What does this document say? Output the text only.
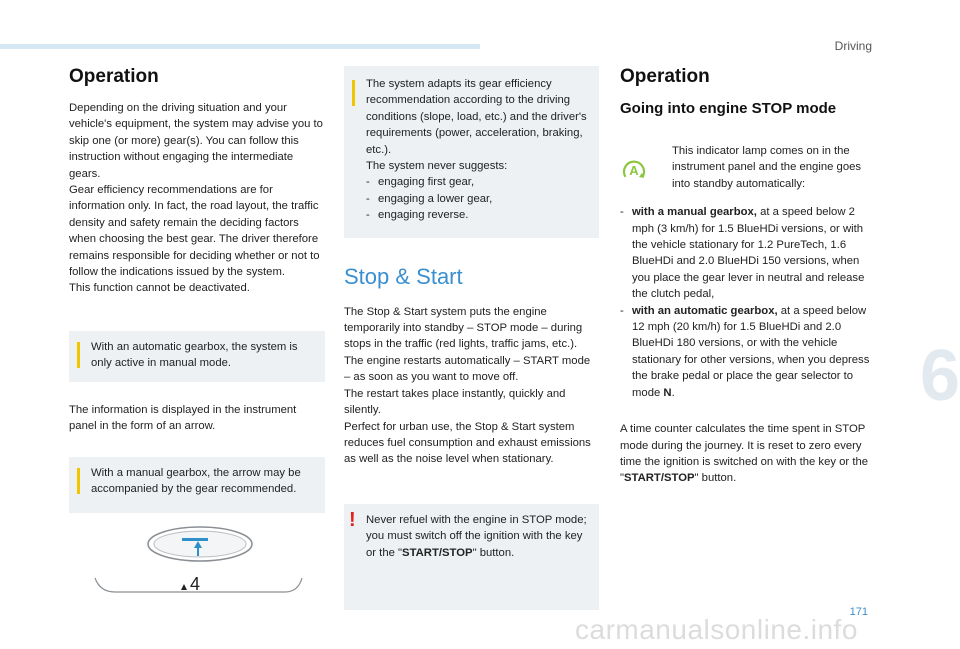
Driving
6
171
carmanualsonline.info
Operation

Depending on the driving situation and your vehicle's equipment, the system may advise you to skip one (or more) gear(s). You can follow this instruction without engaging the intermediate gears.

Gear efficiency recommendations are for information only. In fact, the road layout, the traffic density and safety remain the deciding factors when choosing the best gear. The driver therefore remains responsible for deciding whether or not to follow the indications issued by the system.

This function cannot be deactivated.

With an automatic gearbox, the system is only active in manual mode.

The information is displayed in the instrument panel in the form of an arrow.

With a manual gearbox, the arrow may be accompanied by the gear recommended.
4
The system adapts its gear efficiency recommendation according to the driving conditions (slope, load, etc.) and the driver's requirements (power, acceleration, braking, etc.).
The system never suggests:
- engaging first gear,
- engaging a lower gear,
- engaging reverse.
Stop & Start

The Stop & Start system puts the engine temporarily into standby – STOP mode – during stops in the traffic (red lights, traffic jams, etc.). The engine restarts automatically – START mode – as soon as you want to move off.

The restart takes place instantly, quickly and silently.

Perfect for urban use, the Stop & Start system reduces fuel consumption and exhaust emissions as well as the noise level when stationary.

! Never refuel with the engine in STOP mode; you must switch off the ignition with the key or the "START/STOP" button.
Operation
Going into engine STOP mode
A
This indicator lamp comes on in the instrument panel and the engine goes into standby automatically:
- with a manual gearbox, at a speed below 2 mph (3 km/h) for 1.5 BlueHDi versions, or with the vehicle stationary for 1.2 PureTech, 1.6 BlueHDi and 2.0 BlueHDi 150 versions, when you place the gear lever in neutral and release the clutch pedal,
- with an automatic gearbox, at a speed below 12 mph (20 km/h) for 1.5 BlueHDi and 2.0 BlueHDi 180 versions, or with the vehicle stationary for other versions, when you depress the brake pedal or place the gear selector to mode N.

A time counter calculates the time spent in STOP mode during the journey. It is reset to zero every time the ignition is switched on with the key or the "START/STOP" button.
